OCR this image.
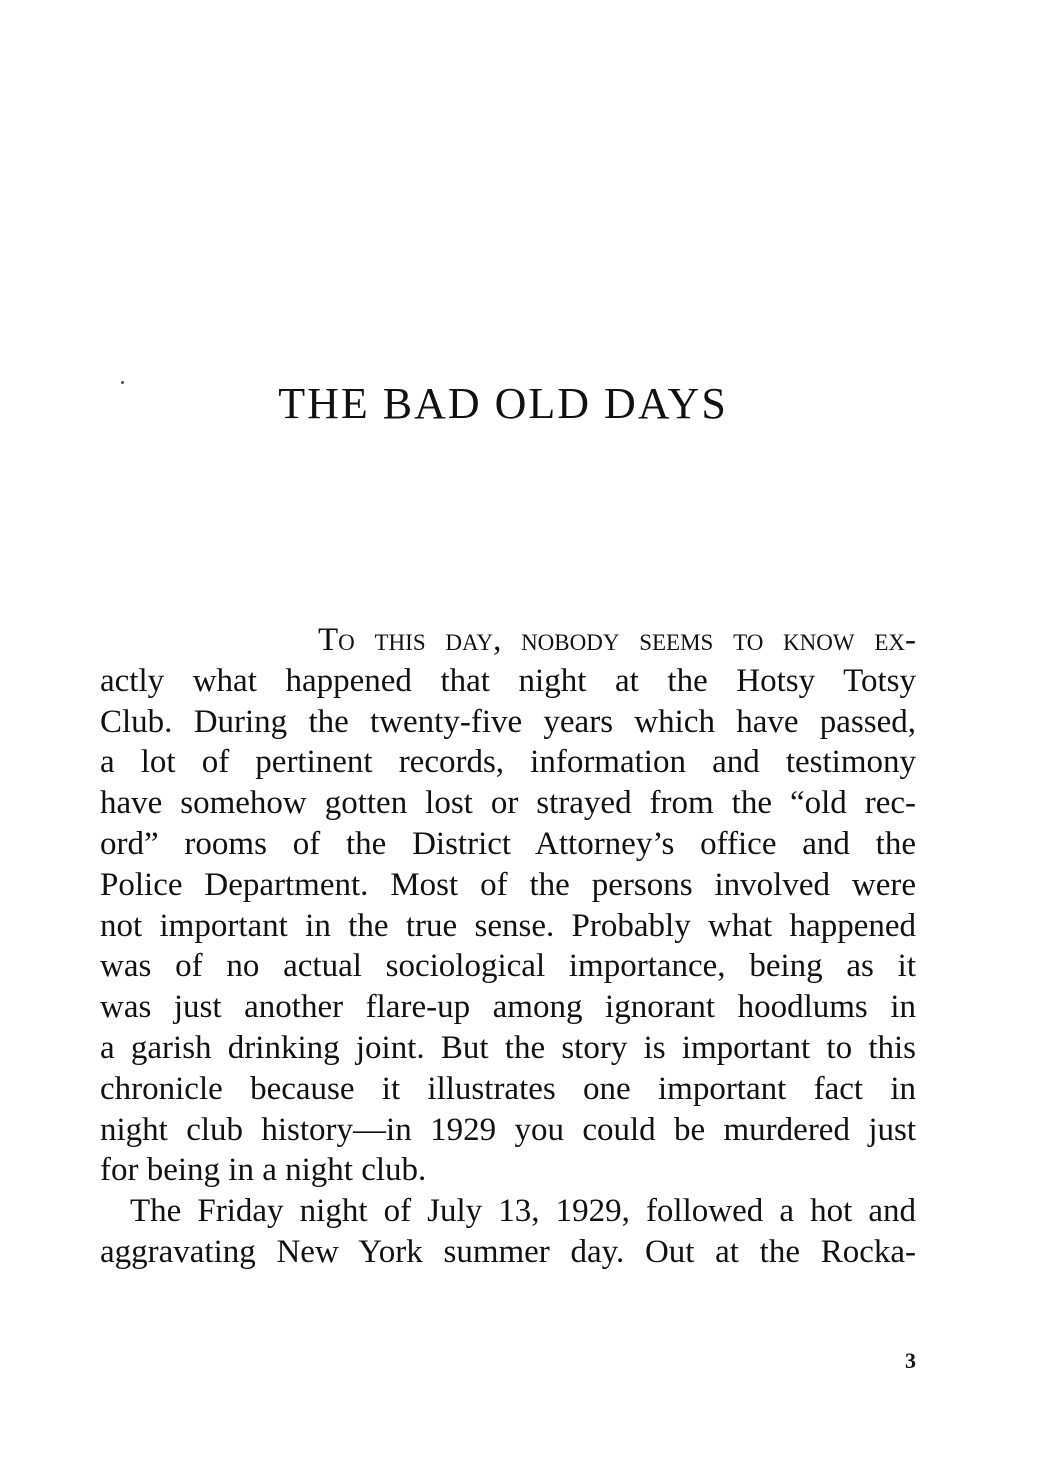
THE BAD OLD DAYS
To this day, nobody seems to know ex-
actly what happened that night at the Hotsy Totsy
Club. During the twenty-five years which have passed,
a lot of pertinent records, information and testimony
have somehow gotten lost or strayed from the “old rec-
ord” rooms of the District Attorney’s office and the
Police Department. Most of the persons involved were
not important in the true sense. Probably what happened
was of no actual sociological importance, being as it
was just another flare-up among ignorant hoodlums in
a garish drinking joint. But the story is important to this
chronicle because it illustrates one important fact in
night club history—in 1929 you could be murdered just
for being in a night club.
The Friday night of July 13, 1929, followed a hot and
aggravating New York summer day. Out at the Rocka-
3
